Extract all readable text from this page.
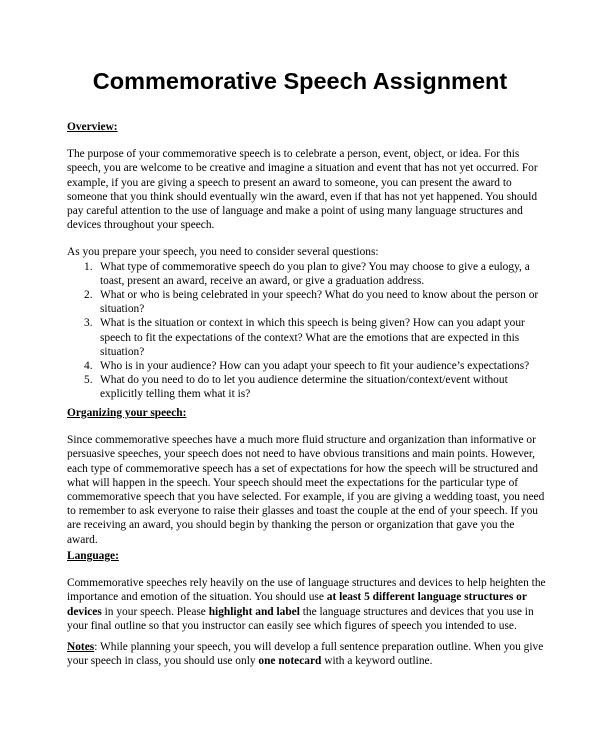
Commemorative Speech Assignment
Overview:

The purpose of your commemorative speech is to celebrate a person, event, object, or idea. For this speech, you are welcome to be creative and imagine a situation and event that has not yet occurred. For example, if you are giving a speech to present an award to someone, you can present the award to someone that you think should eventually win the award, even if that has not yet happened. You should pay careful attention to the use of language and make a point of using many language structures and devices throughout your speech.

As you prepare your speech, you need to consider several questions:

1. What type of commemorative speech do you plan to give? You may choose to give a eulogy, a toast, present an award, receive an award, or give a graduation address.
2. What or who is being celebrated in your speech? What do you need to know about the person or situation?
3. What is the situation or context in which this speech is being given? How can you adapt your speech to fit the expectations of the context? What are the emotions that are expected in this situation?
4. Who is in your audience? How can you adapt your speech to fit your audience’s expectations?
5. What do you need to do to let you audience determine the situation/context/event without explicitly telling them what it is?
Organizing your speech:

Since commemorative speeches have a much more fluid structure and organization than informative or persuasive speeches, your speech does not need to have obvious transitions and main points. However, each type of commemorative speech has a set of expectations for how the speech will be structured and what will happen in the speech. Your speech should meet the expectations for the particular type of commemorative speech that you have selected. For example, if you are giving a wedding toast, you need to remember to ask everyone to raise their glasses and toast the couple at the end of your speech. If you are receiving an award, you should begin by thanking the person or organization that gave you the award.

Language:

Commemorative speeches rely heavily on the use of language structures and devices to help heighten the importance and emotion of the situation. You should use at least 5 different language structures or devices in your speech. Please highlight and label the language structures and devices that you use in your final outline so that you instructor can easily see which figures of speech you intended to use.

Notes: While planning your speech, you will develop a full sentence preparation outline. When you give your speech in class, you should use only one notecard with a keyword outline.
